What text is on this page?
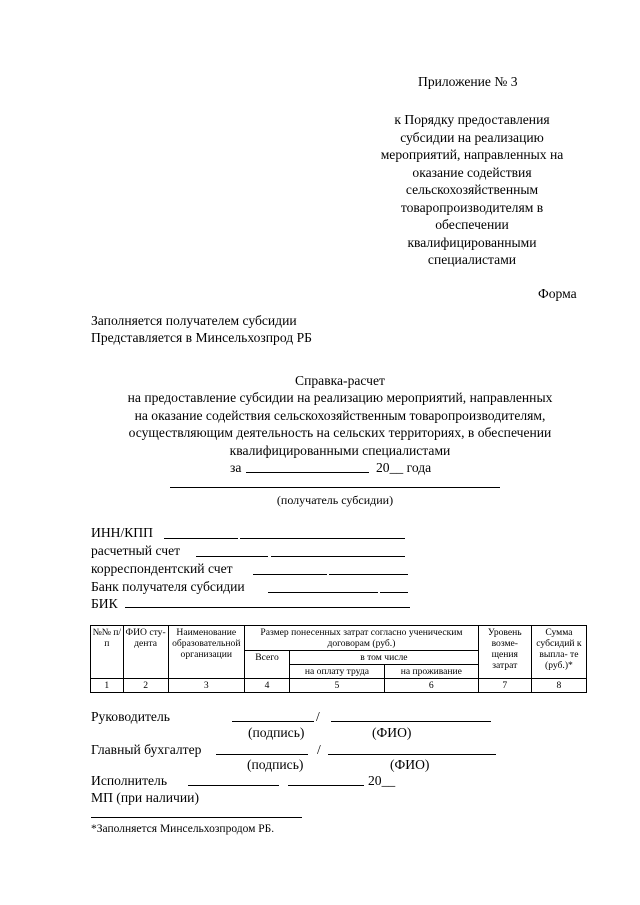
Приложение № 3
к Порядку предоставления
субсидии на реализацию
мероприятий, направленных на
оказание содействия
сельскохозяйственным
товаропроизводителям в
обеспечении
квалифицированными
специалистами
Форма
Заполняется получателем субсидии
Представляется в Минсельхозпрод РБ
Справка-расчет
на предоставление субсидии на реализацию мероприятий, направленных
на оказание содействия сельскохозяйственным товаропроизводителям,
осуществляющим деятельность на сельских территориях, в обеспечении
квалифицированными специалистами
за	20__ года
(получатель субсидии)
ИНН/КПП
расчетный счет
корреспондентский счет
Банк получателя субсидии
БИК
№№ п/п	ФИО сту- дента	Наименование образовательной организации	Размер понесенных затрат согласно ученическим договорам (руб.)			Уровень возме- щения затрат	Сумма субсидий к выпла- те (руб.)*
			Всего	в том числе			
				на оплату труда	на проживание		
1	2	3	4	5	6	7	8
Руководитель	/
(подпись)	(ФИО)
Главный бухгалтер	/
(подпись)	(ФИО)
Исполнитель	20__
МП (при наличии)
*Заполняется Минсельхозпродом РБ.
